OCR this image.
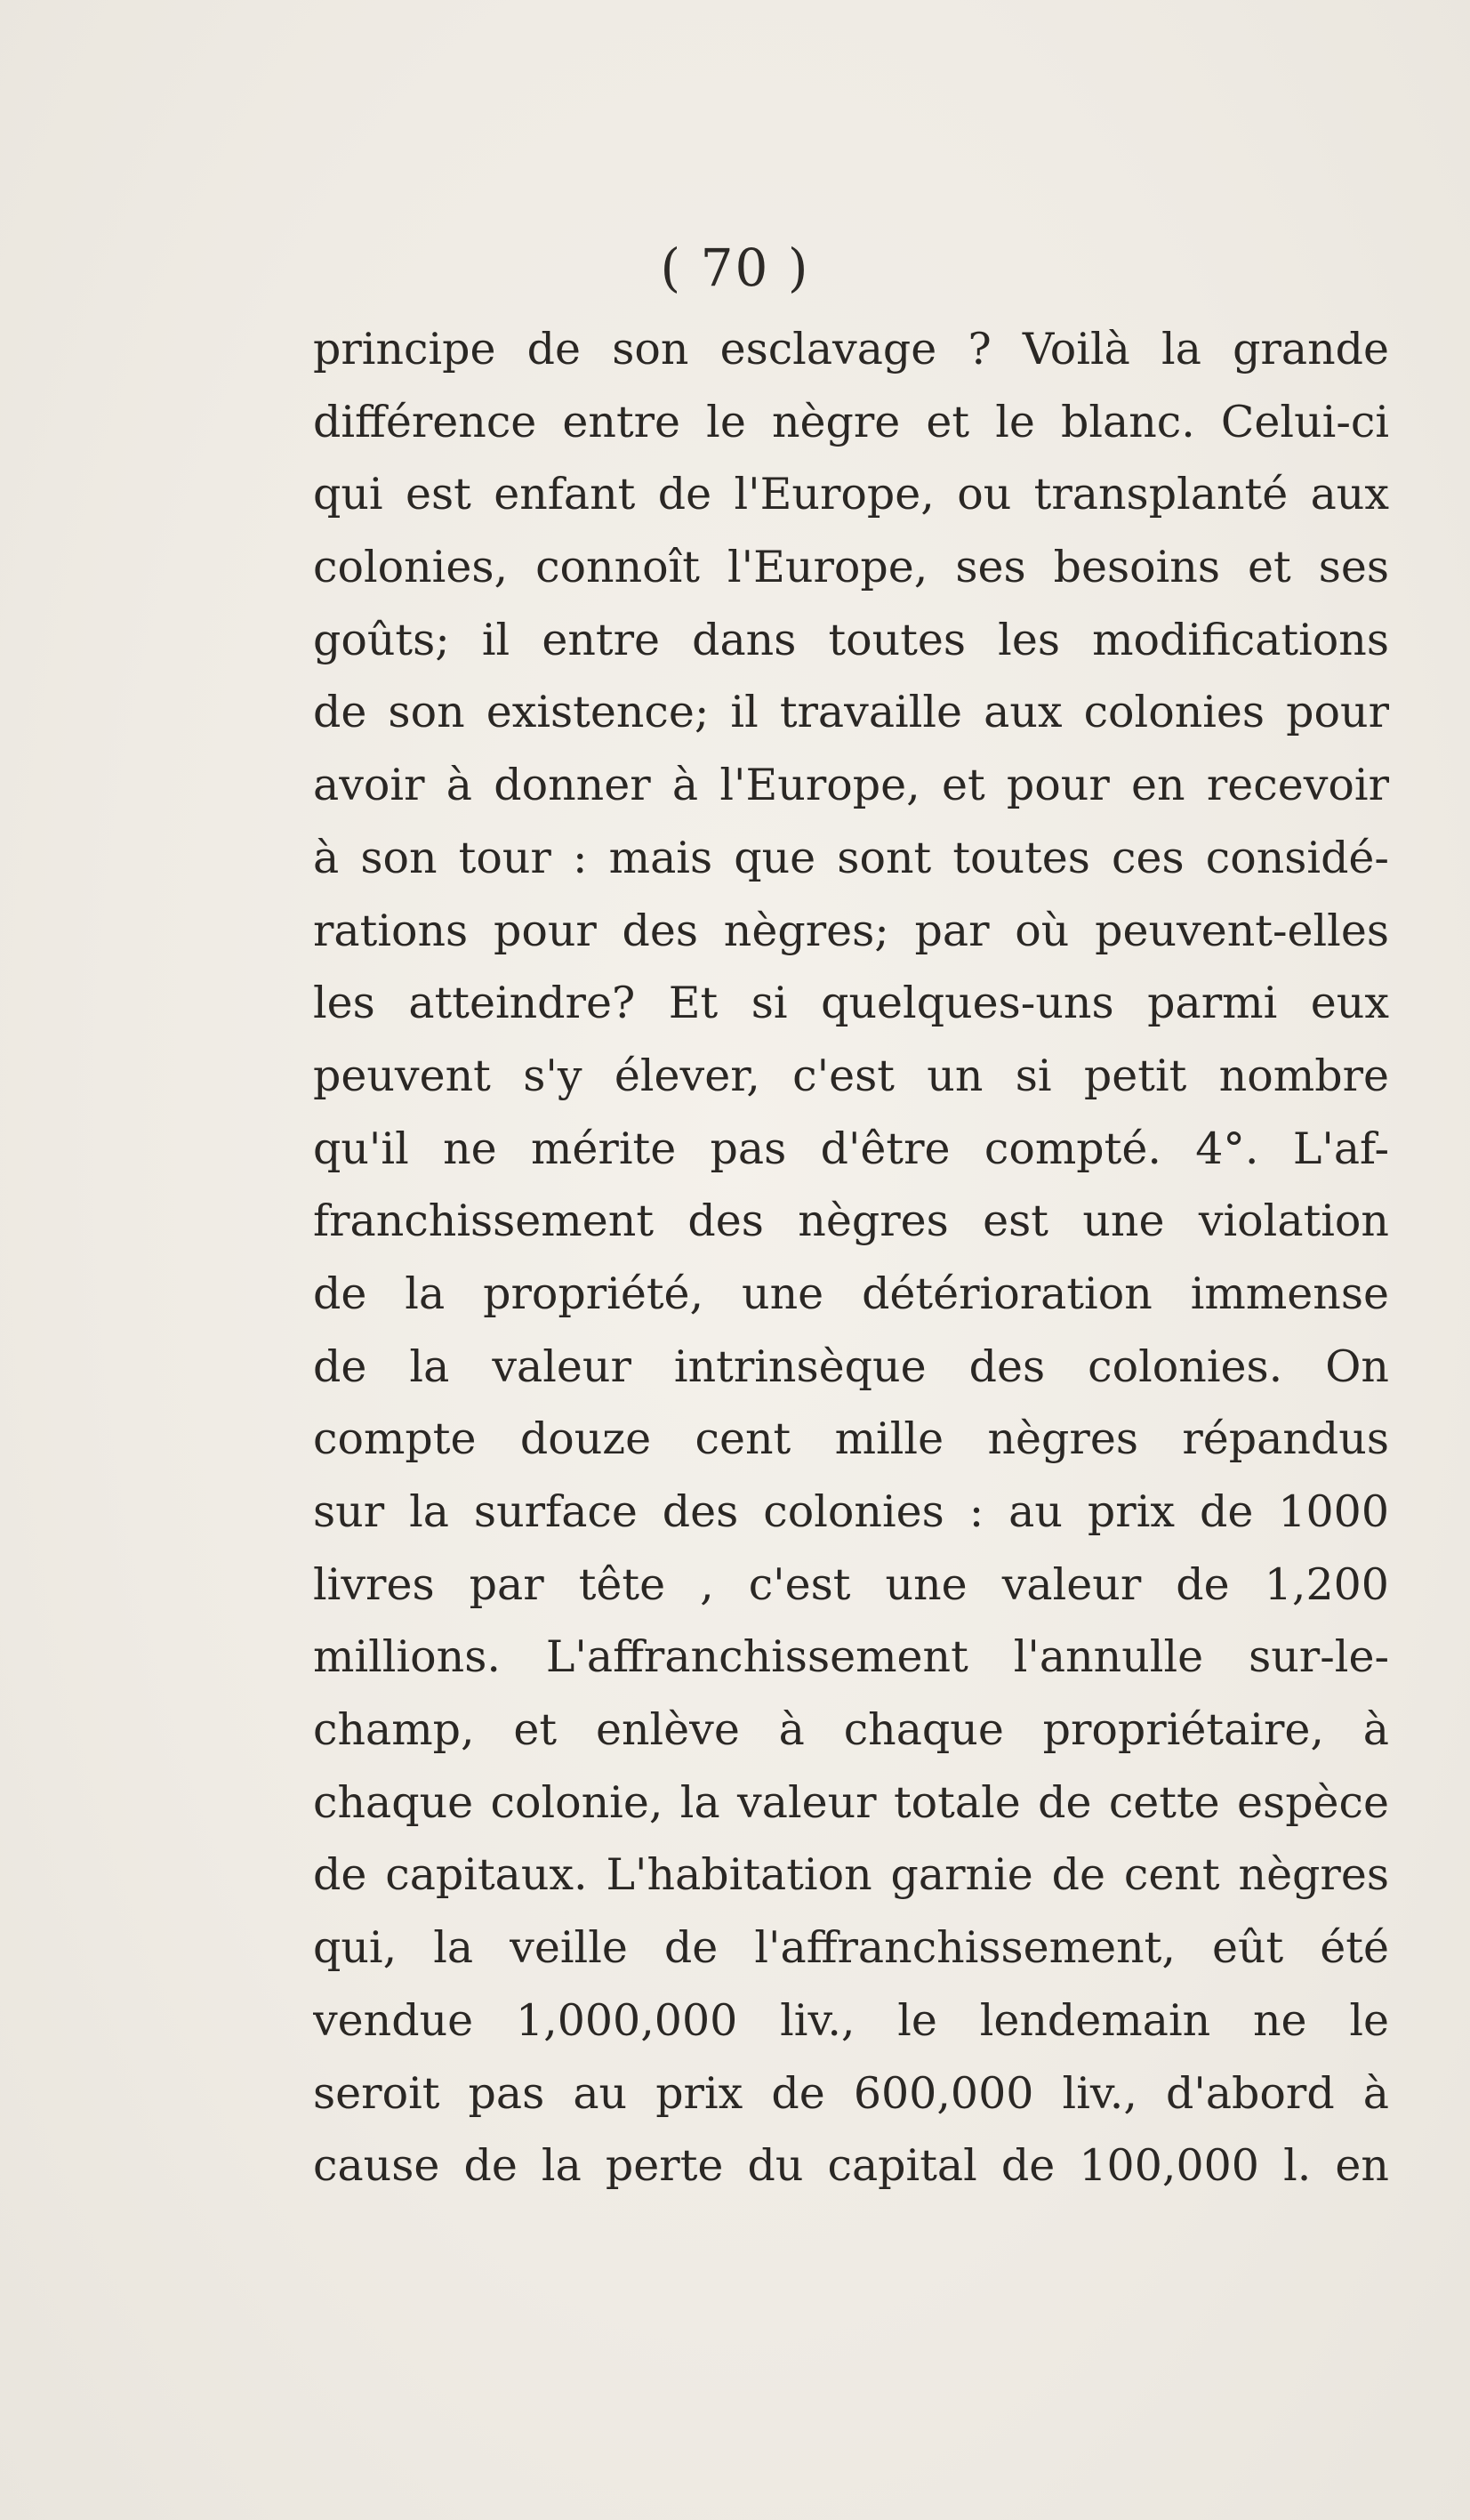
( 70 )
principe de son esclavage ? Voilà la grande
différence entre le nègre et le blanc. Celui-ci
qui est enfant de l'Europe, ou transplanté aux
colonies, connoît l'Europe, ses besoins et ses
goûts; il entre dans toutes les modifications
de son existence; il travaille aux colonies pour
avoir à donner à l'Europe, et pour en recevoir
à son tour : mais que sont toutes ces considé-
rations pour des nègres; par où peuvent-elles
les atteindre? Et si quelques-uns parmi eux
peuvent s'y élever, c'est un si petit nombre
qu'il ne mérite pas d'être compté. 4°. L'af-
franchissement des nègres est une violation
de la propriété, une détérioration immense
de la valeur intrinsèque des colonies. On
compte douze cent mille nègres répandus
sur la surface des colonies : au prix de 1000
livres par tête , c'est une valeur de 1,200
millions. L'affranchissement l'annulle sur-le-
champ, et enlève à chaque propriétaire, à
chaque colonie, la valeur totale de cette espèce
de capitaux. L'habitation garnie de cent nègres
qui, la veille de l'affranchissement, eût été
vendue 1,000,000 liv., le lendemain ne le
seroit pas au prix de 600,000 liv., d'abord à
cause de la perte du capital de 100,000 l. en
